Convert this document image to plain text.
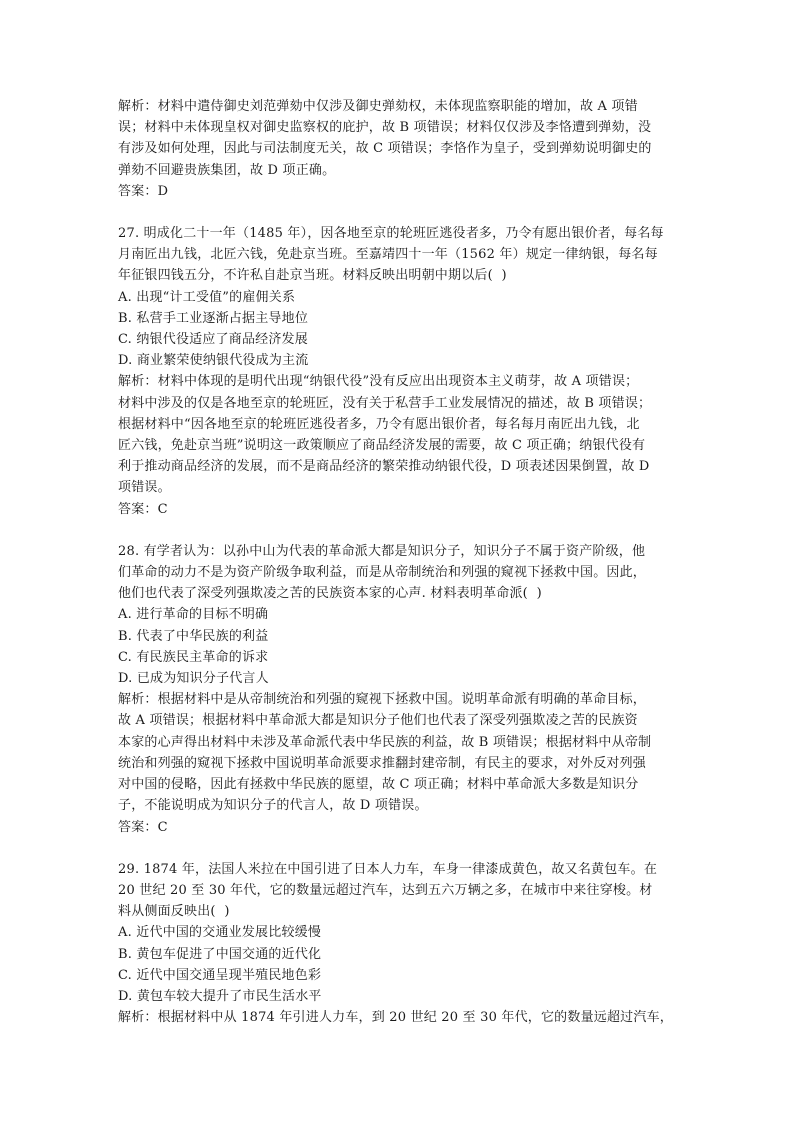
解析：材料中遣侍御史刘范弹劾中仅涉及御史弹劾权，未体现监察职能的增加，故 A 项错
误；材料中未体现皇权对御史监察权的庇护，故 B 项错误；材料仅仅涉及李恪遭到弹劾，没
有涉及如何处理，因此与司法制度无关，故 C 项错误；李恪作为皇子，受到弹劾说明御史的
弹劾不回避贵族集团，故 D 项正确。
答案：D
27. 明成化二十一年（1485 年），因各地至京的轮班匠逃役者多，乃令有愿出银价者，每名每
月南匠出九钱，北匠六钱，免赴京当班。至嘉靖四十一年（1562 年）规定一律纳银，每名每
年征银四钱五分，不许私自赴京当班。材料反映出明朝中期以后(  )
A. 出现“计工受值”的雇佣关系
B. 私营手工业逐渐占据主导地位
C. 纳银代役适应了商品经济发展
D. 商业繁荣使纳银代役成为主流
解析：材料中体现的是明代出现“纳银代役”没有反应出出现资本主义萌芽，故 A 项错误；
材料中涉及的仅是各地至京的轮班匠，没有关于私营手工业发展情况的描述，故 B 项错误；
根据材料中“因各地至京的轮班匠逃役者多，乃令有愿出银价者，每名每月南匠出九钱，北
匠六钱，免赴京当班”说明这一政策顺应了商品经济发展的需要，故 C 项正确；纳银代役有
利于推动商品经济的发展，而不是商品经济的繁荣推动纳银代役，D 项表述因果倒置，故 D
项错误。
答案：C
28. 有学者认为：以孙中山为代表的革命派大都是知识分子，知识分子不属于资产阶级，他
们革命的动力不是为资产阶级争取利益，而是从帝制统治和列强的窥视下拯救中国。因此，
他们也代表了深受列强欺凌之苦的民族资本家的心声. 材料表明革命派(  )
A. 进行革命的目标不明确
B. 代表了中华民族的利益
C. 有民族民主革命的诉求
D. 已成为知识分子代言人
解析：根据材料中是从帝制统治和列强的窥视下拯救中国。说明革命派有明确的革命目标，
故 A 项错误；根据材料中革命派大都是知识分子他们也代表了深受列强欺凌之苦的民族资
本家的心声得出材料中未涉及革命派代表中华民族的利益，故 B 项错误；根据材料中从帝制
统治和列强的窥视下拯救中国说明革命派要求推翻封建帝制，有民主的要求，对外反对列强
对中国的侵略，因此有拯救中华民族的愿望，故 C 项正确；材料中革命派大多数是知识分
子，不能说明成为知识分子的代言人，故 D 项错误。
答案：C
29. 1874 年，法国人米拉在中国引进了日本人力车，车身一律漆成黄色，故又名黄包车。在
20 世纪 20 至 30 年代，它的数量远超过汽车，达到五六万辆之多，在城市中来往穿梭。材
料从侧面反映出(  )
A. 近代中国的交通业发展比较缓慢
B. 黄包车促进了中国交通的近代化
C. 近代中国交通呈现半殖民地色彩
D. 黄包车较大提升了市民生活水平
解析：根据材料中从 1874 年引进人力车，到 20 世纪 20 至 30 年代，它的数量远超过汽车，
